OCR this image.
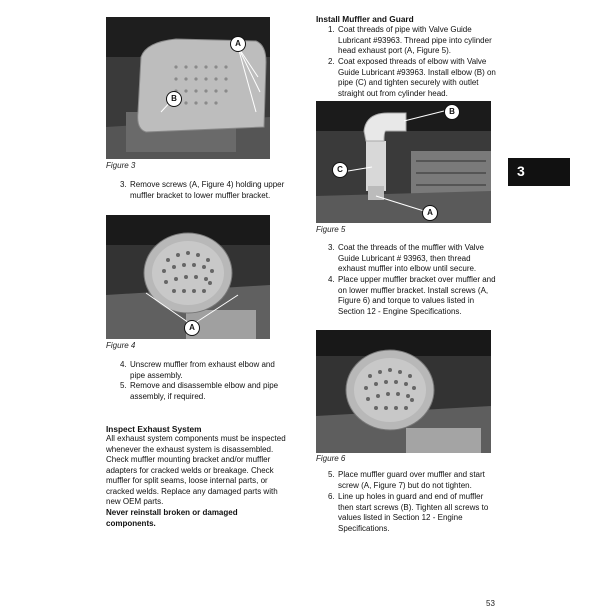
A
B
Figure 3
3. Remove screws (A, Figure 4) holding upper muffler bracket to lower muffler bracket.
A
Figure 4
4. Unscrew muffler from exhaust elbow and pipe assembly.
5. Remove and disassemble elbow and pipe assembly, if required.
Inspect Exhaust System
All exhaust system components must be inspected whenever the exhaust system is disassembled. Check muffler mounting bracket and/or muffler adapters for cracked welds or breakage. Check muffler for split seams, loose internal parts, or cracked welds. Replace any damaged parts with new OEM parts.
Never reinstall broken or damaged components.
Install Muffler and Guard
1. Coat threads of pipe with Valve Guide Lubricant #93963. Thread pipe into cylinder head exhaust port (A, Figure 5).
2. Coat exposed threads of elbow with Valve Guide Lubricant #93963. Install elbow (B) on pipe (C) and tighten securely with outlet straight out from cylinder head.
B
C
A
Figure 5
3. Coat the threads of the muffler with Valve Guide Lubricant # 93963, then thread exhaust muffler into elbow until secure.
4. Place upper muffler bracket over muffler and on lower muffler bracket. Install screws (A, Figure 6) and torque to values listed in Section 12 - Engine Specifications.
Figure 6
5. Place muffler guard over muffler and start screw (A, Figure 7) but do not tighten.
6. Line up holes in guard and end of muffler then start screws (B). Tighten all screws to values listed in Section 12 - Engine Specifications.
3
53
